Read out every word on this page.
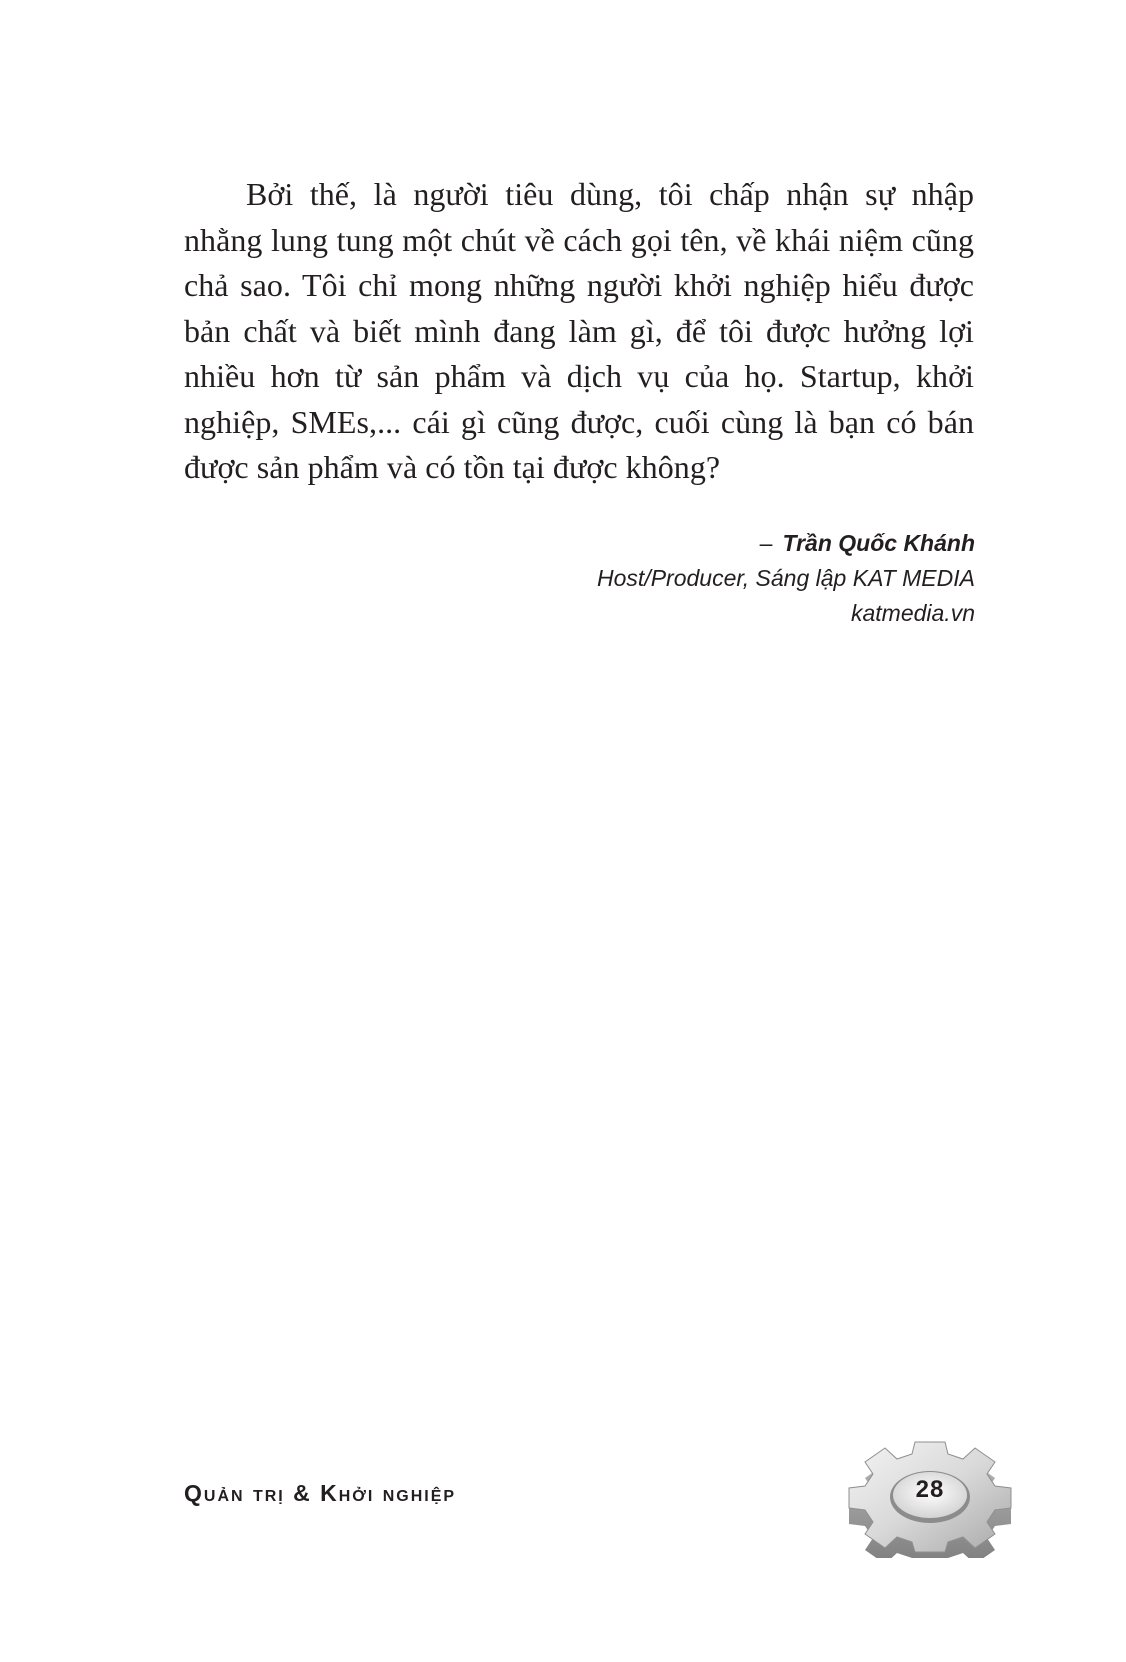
Bởi thế, là người tiêu dùng, tôi chấp nhận sự nhập nhằng lung tung một chút về cách gọi tên, về khái niệm cũng chả sao. Tôi chỉ mong những người khởi nghiệp hiểu được bản chất và biết mình đang làm gì, để tôi được hưởng lợi nhiều hơn từ sản phẩm và dịch vụ của họ. Startup, khởi nghiệp, SMEs,... cái gì cũng được, cuối cùng là bạn có bán được sản phẩm và có tồn tại được không?

– Trần Quốc Khánh
Host/Producer, Sáng lập KAT MEDIA
katmedia.vn
Quản trị & Khởi nghiệp	28
